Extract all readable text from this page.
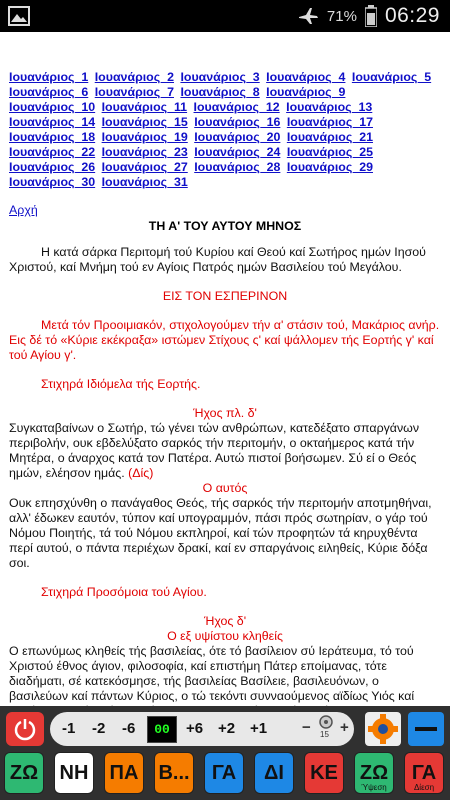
71% 06:29
Ιουανάριος_1 Ιουανάριος_2 Ιουανάριος_3 Ιουανάριος_4 Ιουανάριος_5 Ιουανάριος_6 Ιουανάριος_7 Ιουανάριος_8 Ιουανάριος_9 Ιουανάριος_10 Ιουανάριος_11 Ιουανάριος_12 Ιουανάριος_13 Ιουανάριος_14 Ιουανάριος_15 Ιουανάριος_16 Ιουανάριος_17 Ιουανάριος_18 Ιουανάριος_19 Ιουανάριος_20 Ιουανάριος_21 Ιουανάριος_22 Ιουανάριος_23 Ιουανάριος_24 Ιουανάριος_25 Ιουανάριος_26 Ιουανάριος_27 Ιουανάριος_28 Ιουανάριος_29 Ιουανάριος_30 Ιουανάριος_31
Αρχή
ΤΗ Α' ΤΟΥ ΑΥΤΟΥ ΜΗΝΟΣ

Η κατά σάρκα Περιτομή τού Κυρίου καί Θεού καί Σωτήρος ημών Ιησού Χριστού, καί Μνήμη τού εν Αγίοις Πατρός ημών Βασιλείου τού Μεγάλου.

ΕΙΣ ΤΟΝ ΕΣΠΕΡΙΝΟΝ

Μετά τόν Προοιμιακόν, στιχολογούμεν τήν α' στάσιν τού, Μακάριος ανήρ. Εις δέ τό «Κύριε εκέκραξα» ιστώμεν Στίχους ς' καί ψάλλομεν τής Εορτής γ' καί τού Αγίου γ'.

Στιχηρά Ιδιόμελα τής Εορτής.

Ήχος πλ. δ'

Συγκαταβαίνων ο Σωτήρ, τώ γένει τών ανθρώπων, κατεδέξατο σπαργάνων περιβολήν, ουκ εβδελύξατο σαρκός τήν περιτομήν, ο οκταήμερος κατά τήν Μητέρα, ο άναρχος κατά τον Πατέρα. Αυτώ πιστοί βοήσωμεν. Σύ εί ο Θεός ημών, ελέησον ημάς. (Δίς)

Ο αυτός

Ουκ επησχύνθη ο πανάγαθος Θεός, τής σαρκός τήν περιτομήν αποτμηθήναι, αλλ' έδωκεν εαυτόν, τύπον καί υπογραμμόν, πάσι πρός σωτηρίαν, ο γάρ τού Νόμου Ποιητής, τά τού Νόμου εκπληροί, καί τών προφητών τά κηρυχθέντα περί αυτού, ο πάντα περιέχων δρακί, καί εν σπαργάνοις ειληθείς, Κύριε δόξα σοι.

Στιχηρά Προσόμοια τού Αγίου.

Ήχος δ'

Ο εξ υψίστου κληθείς

Ο επωνύμως κληθείς τής βασιλείας, ότε τό βασίλειον σύ Ιεράτευμα, τό τού Χριστού έθνος άγιον, φιλοσοφία, καί επιστήμη Πάτερ εποίμανας, τότε διαδήματι, σέ κατεκόσμησε, τής βασιλείας Βασίλειε, βασιλευόνων, ο βασιλεύων καί πάντων Κύριος, ο τώ τεκόντι συνναούμενος αϊδίως Υιός καί

-1 -2 -6	00	+6 +2 +1 − 15 +
ΖΩ ΝΗ ΠΑ Β... ΓΑ ΔΙ ΚΕ ΖΩ
Ύψεση
ΓΑ
Δίεση
